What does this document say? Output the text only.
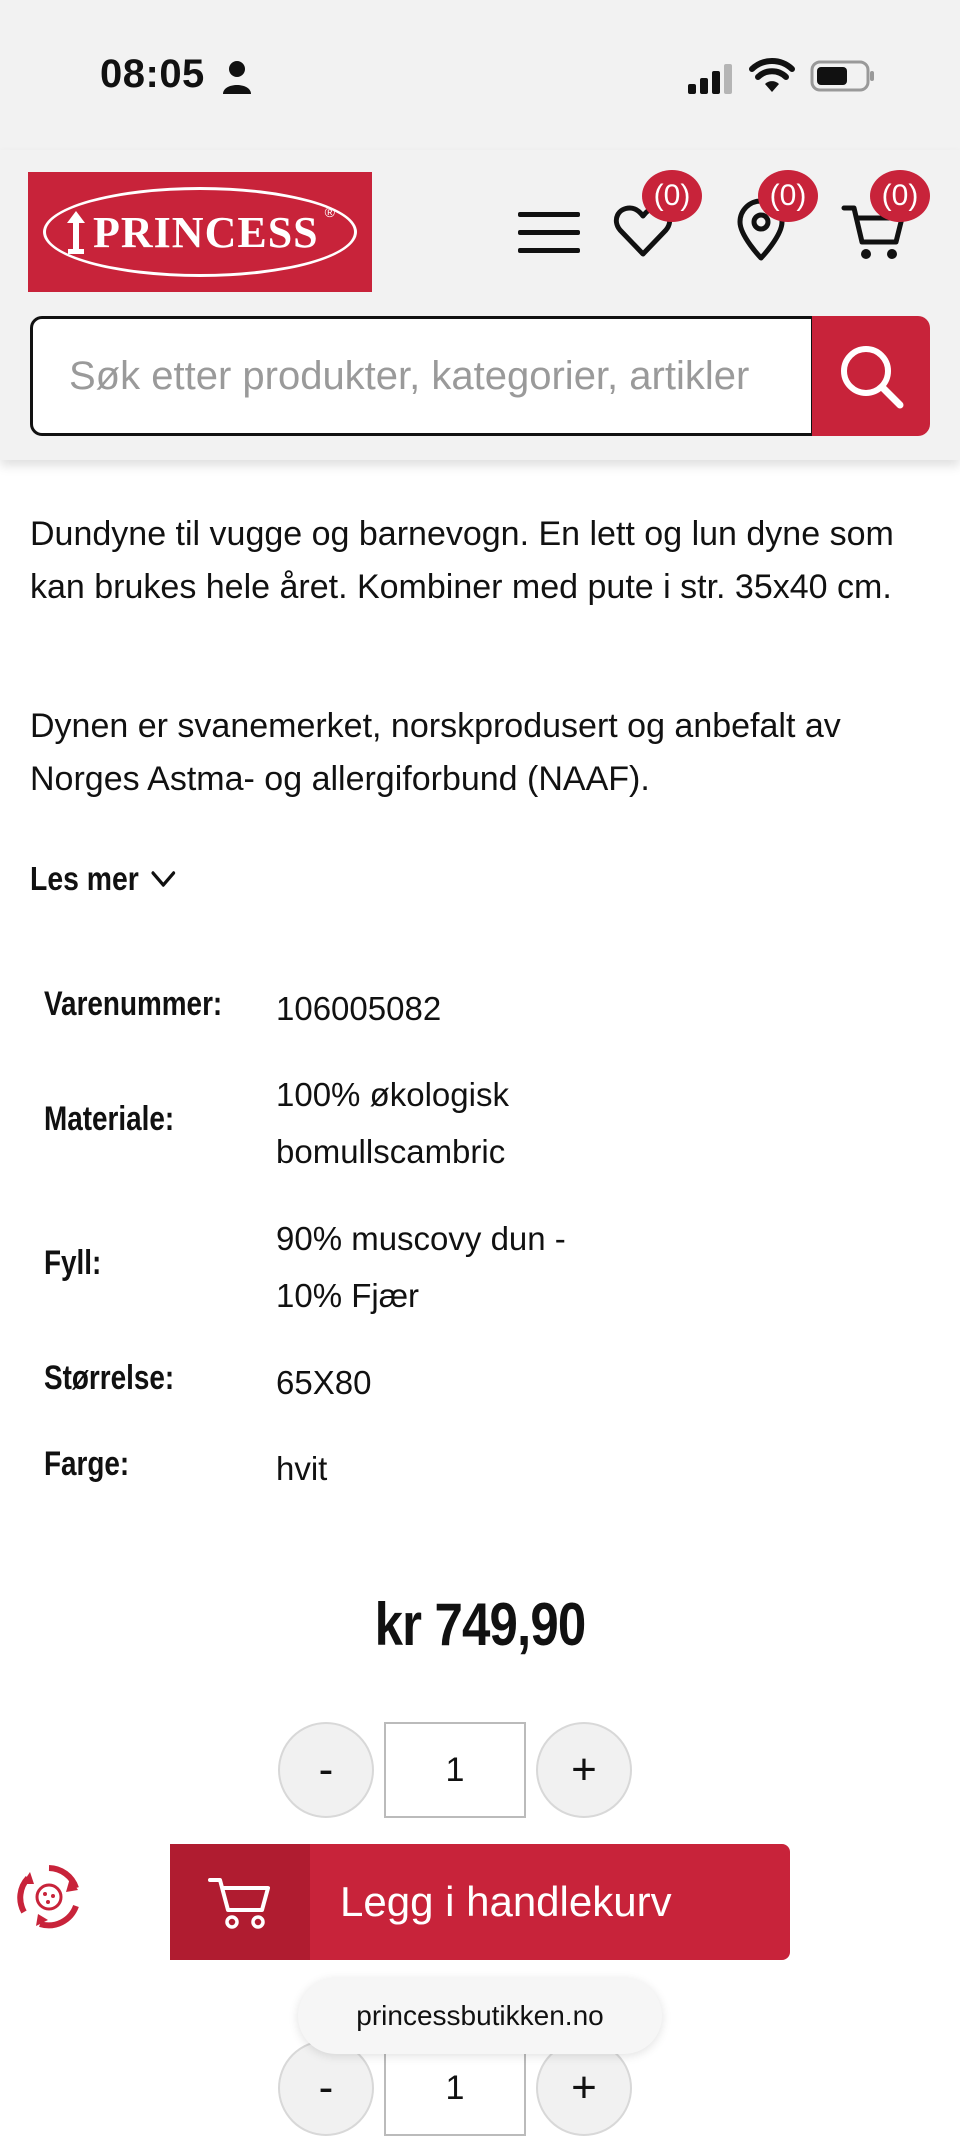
08:05
PRINCESS ®	(0)	(0)	(0)
Søk etter produkter, kategorier, artikler

Dundyne til vugge og barnevogn. En lett og lun dyne som kan brukes hele året. Kombiner med pute i str. 35x40 cm.

Dynen er svanemerket, norskprodusert og anbefalt av Norges Astma- og allergiforbund (NAAF).

Les mer
Varenummer: 106005082
Materiale:
100% økologisk bomullscambric
Fyll:
90% muscovy dun - 10% Fjær
Størrelse:	65X80
Farge:	hvit
kr 749,90
-	1	+
Legg i handlekurv
-	1	+
princessbutikken.no
